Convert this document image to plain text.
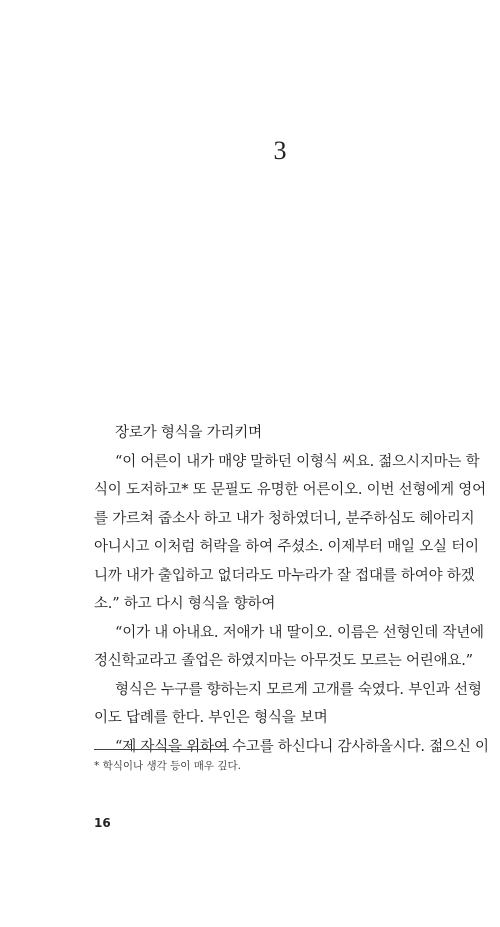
3
장로가 형식을 가리키며
“이 어른이 내가 매양 말하던 이형식 씨요. 젊으시지마는 학
식이 도저하고* 또 문필도 유명한 어른이오. 이번 선형에게 영어
를 가르쳐 줍소사 하고 내가 청하였더니, 분주하심도 헤아리지
아니시고 이처럼 허락을 하여 주셨소. 이제부터 매일 오실 터이
니까 내가 출입하고 없더라도 마누라가 잘 접대를 하여야 하겠
소.” 하고 다시 형식을 향하여
“이가 내 아내요. 저애가 내 딸이오. 이름은 선형인데 작년에
정신학교라고 졸업은 하였지마는 아무것도 모르는 어린애요.”
형식은 누구를 향하는지 모르게 고개를 숙였다. 부인과 선형
이도 답례를 한다. 부인은 형식을 보며
“제 자식을 위하여 수고를 하신다니 감사하올시다. 젊으신 이
* 학식이나 생각 등이 매우 깊다.
16
